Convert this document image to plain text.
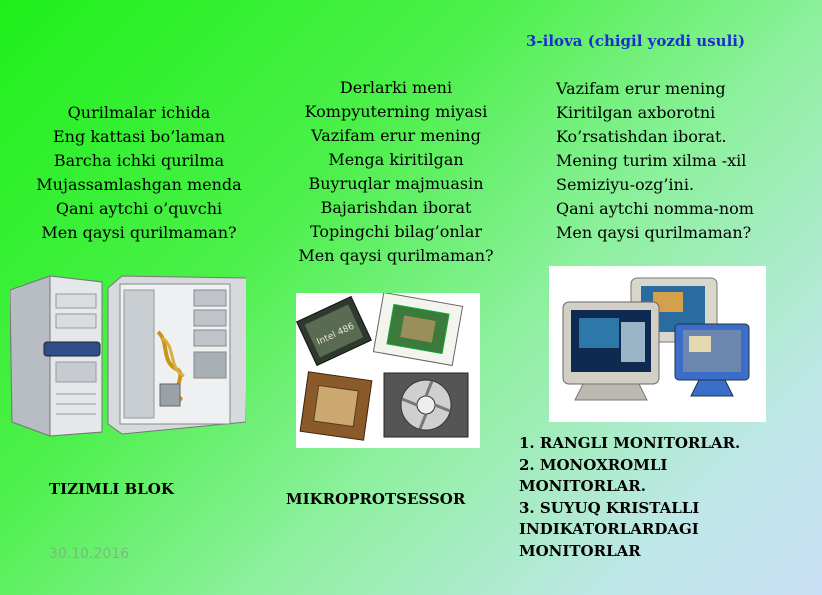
3-ilova (chigil yozdi usuli)
Qurilmalar ichida
Eng kattasi bo’laman
Barcha ichki qurilma
Mujassamlashgan menda
Qani aytchi o’quvchi
Men qaysi qurilmaman?
Derlarki meni
Kompyuterning miyasi
Vazifam erur mening
Menga kiritilgan
Buyruqlar majmuasin
Bajarishdan iborat
Topingchi bilag’onlar
Men qaysi qurilmaman?
Vazifam erur mening
Kiritilgan axborotni
Ko’rsatishdan iborat.
Mening turim xilma -xil
Semiziyu-ozg’ini.
Qani aytchi nomma-nom
Men qaysi qurilmaman?
Intel 486
TIZIMLI BLOK
MIKROPROTSESSOR
1. RANGLI MONITORLAR.
2. MONOXROMLI
MONITORLAR.
3. SUYUQ KRISTALLI
INDIKATORLARDAGI
MONITORLAR
30.10.2016
